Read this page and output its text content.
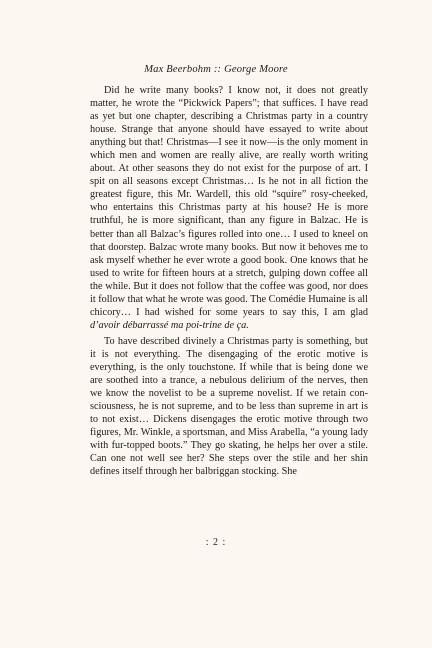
Max Beerbohm :: George Moore

Did he write many books? I know not, it does not greatly matter, he wrote the “Pickwick Papers”; that suffices. I have read as yet but one chapter, describing a Christmas party in a country house. Strange that anyone should have essayed to write about anything but that! Christmas—I see it now—is the only moment in which men and women are really alive, are really worth writing about. At other seasons they do not exist for the purpose of art. I spit on all seasons except Christmas… Is he not in all fiction the greatest figure, this Mr. Wardell, this old “squire” rosy-cheeked, who entertains this Christmas party at his house? He is more truthful, he is more significant, than any figure in Balzac. He is better than all Balzac’s figures rolled into one… I used to kneel on that doorstep. Balzac wrote many books. But now it behoves me to ask myself whether he ever wrote a good book. One knows that he used to write for fifteen hours at a stretch, gulping down coffee all the while. But it does not follow that the coffee was good, nor does it follow that what he wrote was good. The Comédie Humaine is all chicory… I had wished for some years to say this, I am glad d’avoir débarrassé ma poi-trine de ça.

To have described divinely a Christmas party is something, but it is not everything. The disengaging of the erotic motive is everything, is the only touchstone. If while that is being done we are soothed into a trance, a nebulous delirium of the nerves, then we know the novelist to be a supreme novelist. If we retain con-sciousness, he is not supreme, and to be less than supreme in art is to not exist… Dickens disengages the erotic motive through two figures, Mr. Winkle, a sportsman, and Miss Arabella, “a young lady with fur-topped boots.” They go skating, he helps her over a stile. Can one not well see her? She steps over the stile and her shin defines itself through her balbriggan stocking. She

: 2 :
